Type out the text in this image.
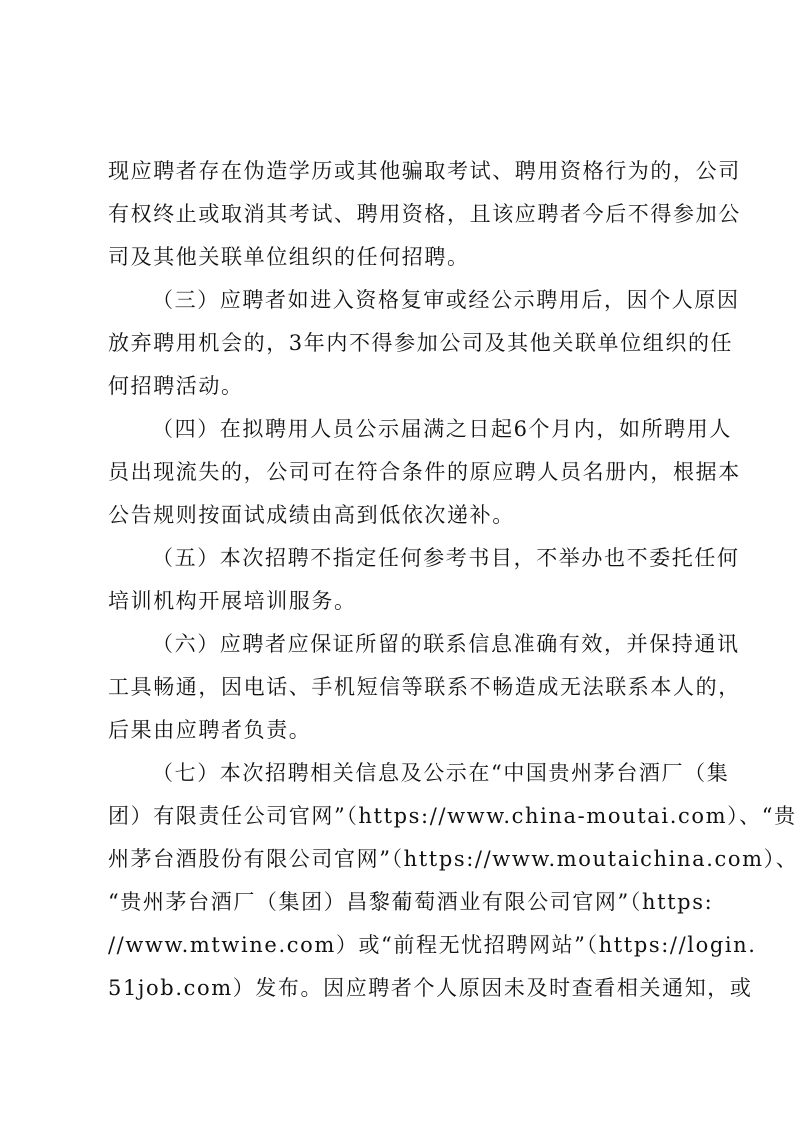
现应聘者存在伪造学历或其他骗取考试、聘用资格行为的，公司
有权终止或取消其考试、聘用资格，且该应聘者今后不得参加公
司及其他关联单位组织的任何招聘。
（三）应聘者如进入资格复审或经公示聘用后，因个人原因
放弃聘用机会的，3年内不得参加公司及其他关联单位组织的任
何招聘活动。
（四）在拟聘用人员公示届满之日起6个月内，如所聘用人
员出现流失的，公司可在符合条件的原应聘人员名册内，根据本
公告规则按面试成绩由高到低依次递补。
（五）本次招聘不指定任何参考书目，不举办也不委托任何
培训机构开展培训服务。
（六）应聘者应保证所留的联系信息准确有效，并保持通讯
工具畅通，因电话、手机短信等联系不畅造成无法联系本人的，
后果由应聘者负责。
（七）本次招聘相关信息及公示在“中国贵州茅台酒厂（集
团）有限责任公司官网”（https://www.china-moutai.com）、“贵
州茅台酒股份有限公司官网”（https://www.moutaichina.com）、
“贵州茅台酒厂（集团）昌黎葡萄酒业有限公司官网”（https:
//www.mtwine.com）或“前程无忧招聘网站”（https://login.
51job.com）发布。因应聘者个人原因未及时查看相关通知，或
